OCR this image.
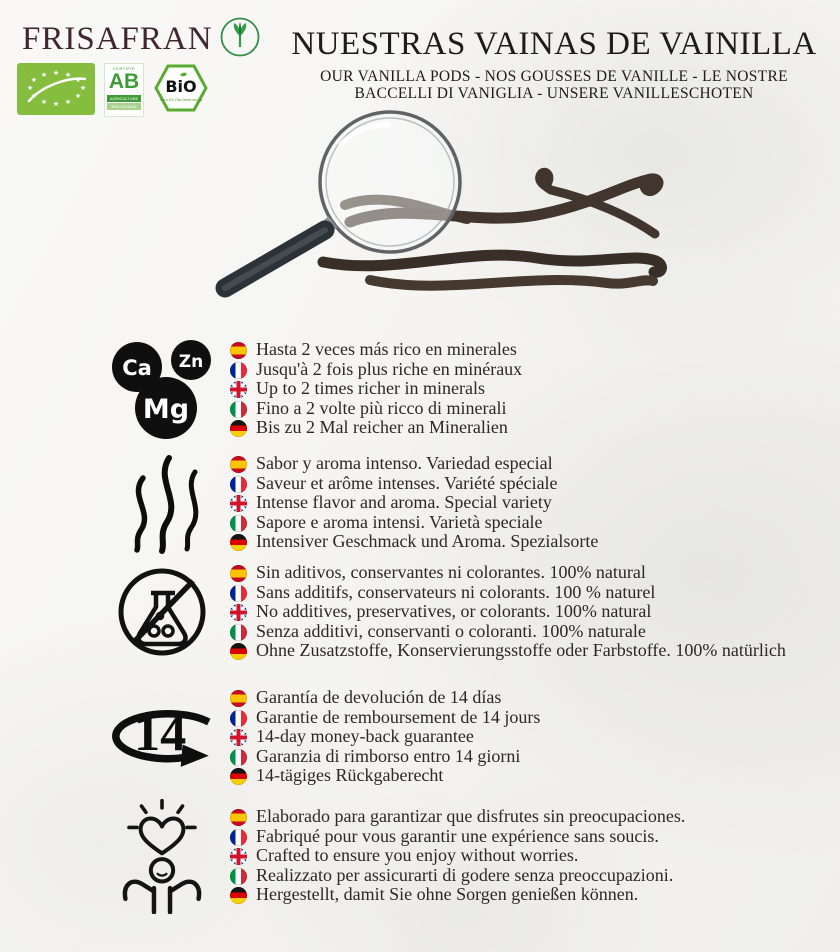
FRISAFRAN	NUESTRAS VAINAS DE VAINILLA
OUR VANILLA PODS - NOS GOUSSES DE VANILLE - LE NOSTRE
BACCELLI DI VANIGLIA - UNSERE VANILLESCHOTEN
★
★	★
★	★
★	★
★	★
★	★
★
CERTIFIÉ
AB
AGRICULTURE
BIOLOGIQUE
BiO
nach EG-Öko-Verordnung
Ca Zn
Mg
Hasta 2 veces más rico en minerales
Jusqu'à 2 fois plus riche en minéraux
Up to 2 times richer in minerals
Fino a 2 volte più ricco di minerali
Bis zu 2 Mal reicher an Mineralien
Sabor y aroma intenso. Variedad especial
Saveur et arôme intenses. Variété spéciale
Intense flavor and aroma. Special variety
Sapore e aroma intensi. Varietà speciale
Intensiver Geschmack und Aroma. Spezialsorte
Sin aditivos, conservantes ni colorantes. 100% natural
Sans additifs, conservateurs ni colorants. 100 % naturel
No additives, preservatives, or colorants. 100% natural
Senza additivi, conservanti o coloranti. 100% naturale
Ohne Zusatzstoffe, Konservierungsstoffe oder Farbstoffe. 100% natürlich
14
Garantía de devolución de 14 días
Garantie de remboursement de 14 jours
14-day money-back guarantee
Garanzia di rimborso entro 14 giorni
14-tägiges Rückgaberecht
Elaborado para garantizar que disfrutes sin preocupaciones.
Fabriqué pour vous garantir une expérience sans soucis.
Crafted to ensure you enjoy without worries.
Realizzato per assicurarti di godere senza preoccupazioni.
Hergestellt, damit Sie ohne Sorgen genießen können.
